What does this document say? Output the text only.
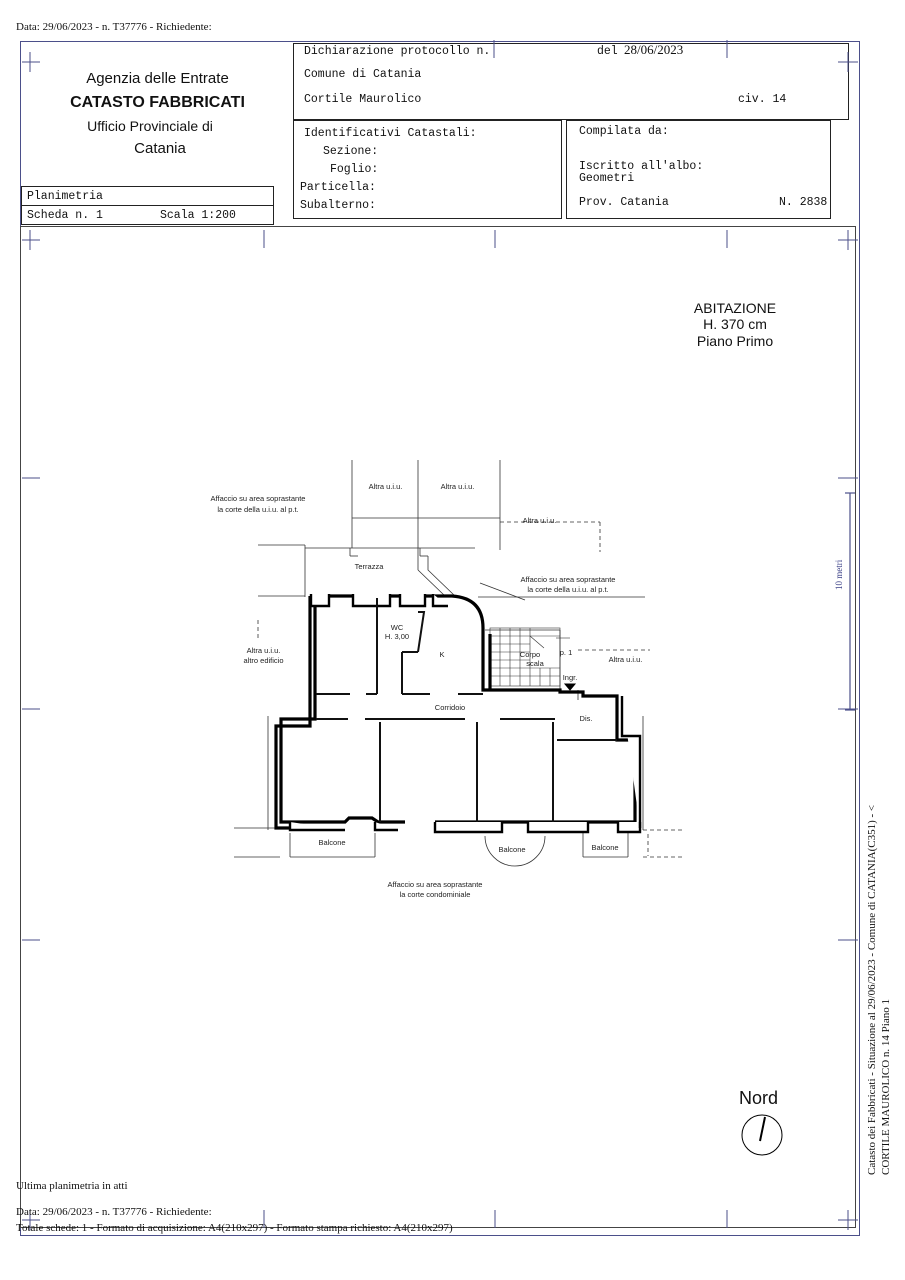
Data: 29/06/2023 - n. T37776 - Richiedente:
Agenzia delle Entrate
CATASTO FABBRICATI
Ufficio Provinciale di
Catania
Dichiarazione protocollo n.	del 28/06/2023
Comune di Catania
Cortile Maurolico	civ. 14
Identificativi Catastali:
Sezione:
Foglio:
Particella:
Subalterno:
Compilata da:
Iscritto all'albo:
Geometri
Prov. Catania	N. 2838
Planimetria
Scheda n. 1	Scala 1:200
ABITAZIONE
H. 370 cm
Piano Primo
Altra u.i.u.	Altra u.i.u.
Altra u.i.u.
Affaccio su area soprastante
la corte della u.i.u. al p.t.
Terrazza
Affaccio su area soprastante
la corte della u.i.u. al p.t.
WC
H. 3,00
K	Corpo
scala
p. 1
Ingr.
Altra u.i.u.
Altra u.i.u.
altro edificio
Corridoio
Dis.
Balcone
Balcone	Balcone
Affaccio su area soprastante
la corte condominiale
Nord
10 metri
Catasto dei Fabbricati - Situazione al 29/06/2023 - Comune di CATANIA(C351) - < CORTILE MAUROLICO n. 14 Piano 1
Ultima planimetria in atti
Data: 29/06/2023 - n. T37776 - Richiedente:
Totale schede: 1 - Formato di acquisizione: A4(210x297) - Formato stampa richiesto: A4(210x297)
